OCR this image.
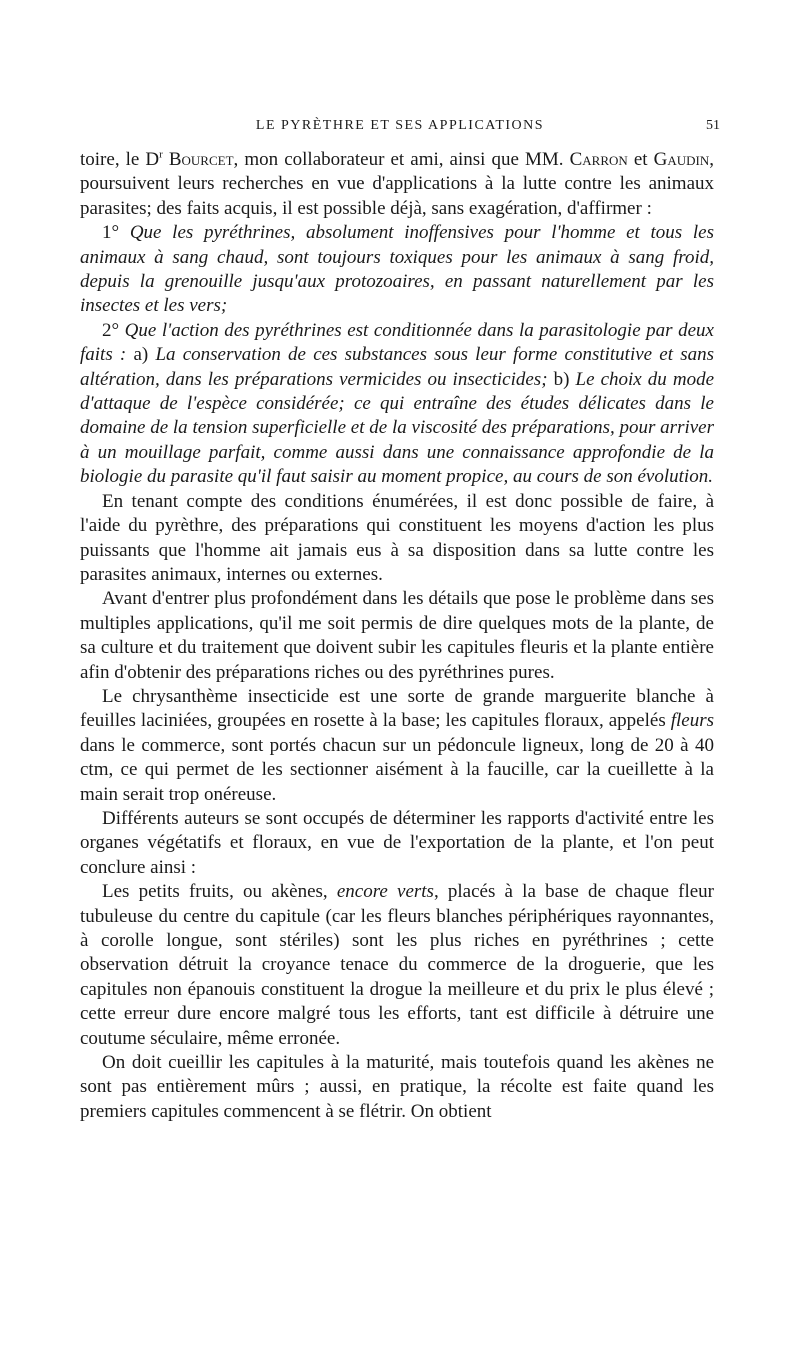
LE PYRÈTHRE ET SES APPLICATIONS	51

toire, le $D^r$ Bourcet, mon collaborateur et ami, ainsi que MM. Carron et Gaudin, poursuivent leurs recherches en vue d'applications à la lutte contre les animaux parasites; des faits acquis, il est possible déjà, sans exagération, d'affirmer :

1° Que les pyréthrines, absolument inoffensives pour l'homme et tous les animaux à sang chaud, sont toujours toxiques pour les animaux à sang froid, depuis la grenouille jusqu'aux protozoaires, en passant naturellement par les insectes et les vers;

2° Que l'action des pyréthrines est conditionnée dans la parasitologie par deux faits : a) La conservation de ces substances sous leur forme constitutive et sans altération, dans les préparations vermicides ou insecticides; b) Le choix du mode d'attaque de l'espèce considérée; ce qui entraîne des études délicates dans le domaine de la tension superficielle et de la viscosité des préparations, pour arriver à un mouillage parfait, comme aussi dans une connaissance approfondie de la biologie du parasite qu'il faut saisir au moment propice, au cours de son évolution.

En tenant compte des conditions énumérées, il est donc possible de faire, à l'aide du pyrèthre, des préparations qui constituent les moyens d'action les plus puissants que l'homme ait jamais eus à sa disposition dans sa lutte contre les parasites animaux, internes ou externes.

Avant d'entrer plus profondément dans les détails que pose le problème dans ses multiples applications, qu'il me soit permis de dire quelques mots de la plante, de sa culture et du traitement que doivent subir les capitules fleuris et la plante entière afin d'obtenir des préparations riches ou des pyréthrines pures.

Le chrysanthème insecticide est une sorte de grande marguerite blanche à feuilles laciniées, groupées en rosette à la base; les capitules floraux, appelés fleurs dans le commerce, sont portés chacun sur un pédoncule ligneux, long de 20 à 40 ctm, ce qui permet de les sectionner aisément à la faucille, car la cueillette à la main serait trop onéreuse.

Différents auteurs se sont occupés de déterminer les rapports d'activité entre les organes végétatifs et floraux, en vue de l'exportation de la plante, et l'on peut conclure ainsi :

Les petits fruits, ou akènes, encore verts, placés à la base de chaque fleur tubuleuse du centre du capitule (car les fleurs blanches périphériques rayonnantes, à corolle longue, sont stériles) sont les plus riches en pyréthrines ; cette observation détruit la croyance tenace du commerce de la droguerie, que les capitules non épanouis constituent la drogue la meilleure et du prix le plus élevé ; cette erreur dure encore malgré tous les efforts, tant est difficile à détruire une coutume séculaire, même erronée.

On doit cueillir les capitules à la maturité, mais toutefois quand les akènes ne sont pas entièrement mûrs ; aussi, en pratique, la récolte est faite quand les premiers capitules commencent à se flétrir. On obtient
